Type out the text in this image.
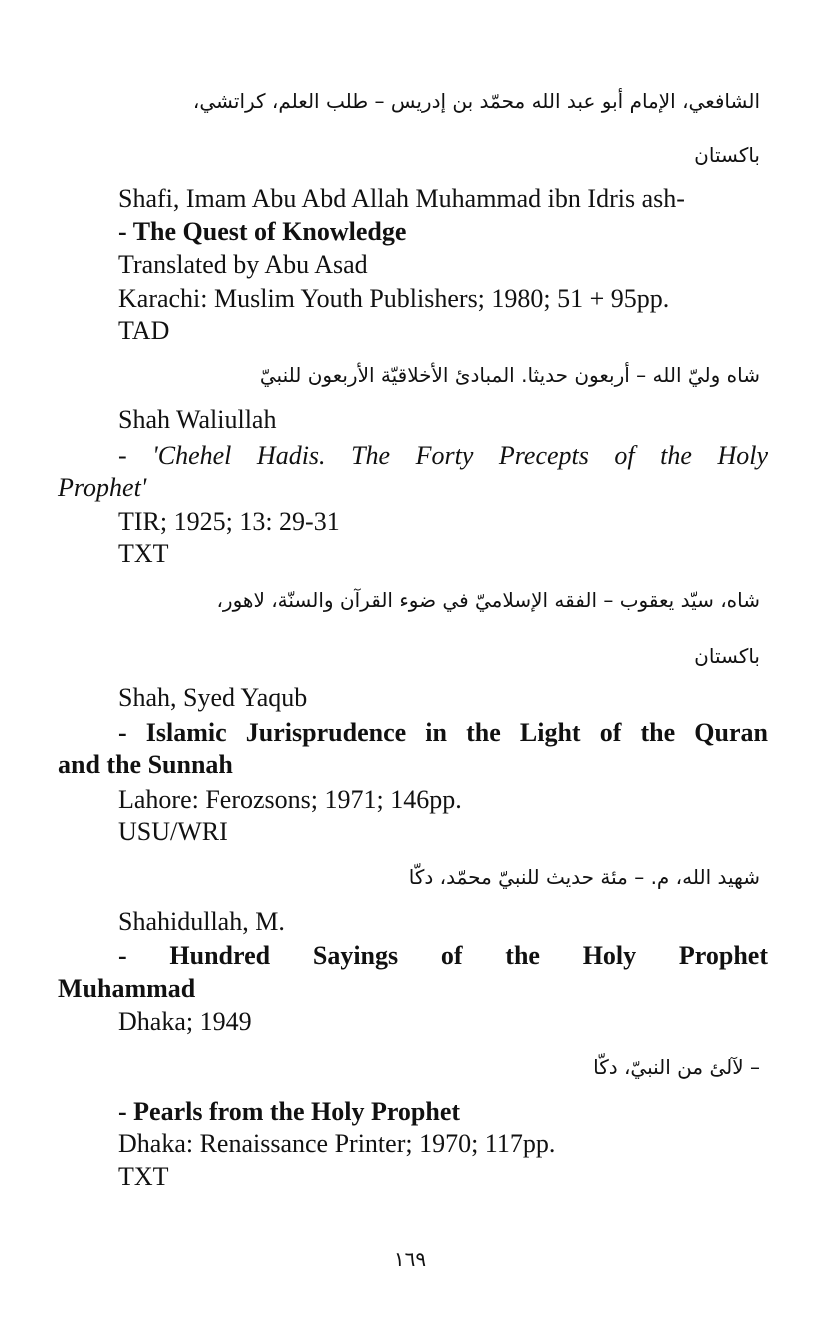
الشافعي، الإمام أبو عبد الله محمّد بن إدريس – طلب العلم، كراتشي،
باكستان
Shafi, Imam Abu Abd Allah Muhammad ibn Idris ash-
- The Quest of Knowledge
Translated by Abu Asad
Karachi: Muslim Youth Publishers; 1980; 51 + 95pp.
TAD
شاه وليّ الله – أربعون حديثا. المبادئ الأخلاقيّة الأربعون للنبيّ
Shah Waliullah
- 'Chehel Hadis. The Forty Precepts of the Holy
Prophet'
TIR; 1925; 13: 29-31
TXT
شاه، سيّد يعقوب – الفقه الإسلاميّ في ضوء القرآن والسنّة، لاهور،
باكستان
Shah, Syed Yaqub
- Islamic Jurisprudence in the Light of the Quran
and the Sunnah
Lahore: Ferozsons; 1971; 146pp.
USU/WRI
شهيد الله، م. – مئة حديث للنبيّ محمّد، دكّا
Shahidullah, M.
- Hundred Sayings of the Holy Prophet
Muhammad
Dhaka; 1949
– لآلئ من النبيّ، دكّا
- Pearls from the Holy Prophet
Dhaka: Renaissance Printer; 1970; 117pp.
TXT
١٦٩
